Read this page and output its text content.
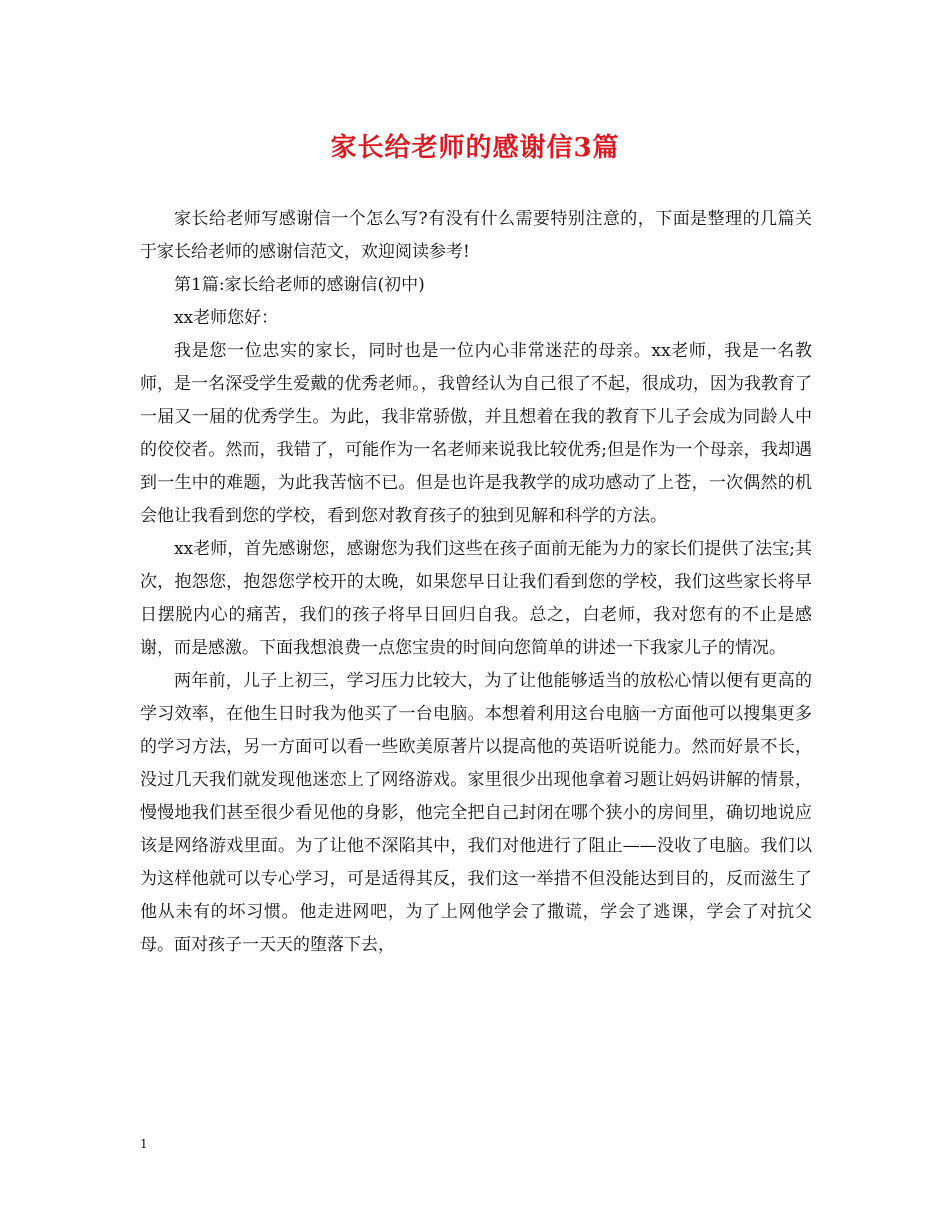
家长给老师的感谢信3篇

家长给老师写感谢信一个怎么写?有没有什么需要特别注意的，下面是整理的几篇关于家长给老师的感谢信范文，欢迎阅读参考!

第1篇:家长给老师的感谢信(初中)

xx老师您好：

我是您一位忠实的家长，同时也是一位内心非常迷茫的母亲。xx老师，我是一名教师，是一名深受学生爱戴的优秀老师。，我曾经认为自己很了不起，很成功，因为我教育了一届又一届的优秀学生。为此，我非常骄傲，并且想着在我的教育下儿子会成为同龄人中的佼佼者。然而，我错了，可能作为一名老师来说我比较优秀;但是作为一个母亲，我却遇到一生中的难题，为此我苦恼不已。但是也许是我教学的成功感动了上苍，一次偶然的机会他让我看到您的学校，看到您对教育孩子的独到见解和科学的方法。

xx老师，首先感谢您，感谢您为我们这些在孩子面前无能为力的家长们提供了法宝;其次，抱怨您，抱怨您学校开的太晚，如果您早日让我们看到您的学校，我们这些家长将早日摆脱内心的痛苦，我们的孩子将早日回归自我。总之，白老师，我对您有的不止是感谢，而是感激。下面我想浪费一点您宝贵的时间向您简单的讲述一下我家儿子的情况。

两年前，儿子上初三，学习压力比较大，为了让他能够适当的放松心情以便有更高的学习效率，在他生日时我为他买了一台电脑。本想着利用这台电脑一方面他可以搜集更多的学习方法，另一方面可以看一些欧美原著片以提高他的英语听说能力。然而好景不长，没过几天我们就发现他迷恋上了网络游戏。家里很少出现他拿着习题让妈妈讲解的情景，慢慢地我们甚至很少看见他的身影，他完全把自己封闭在哪个狭小的房间里，确切地说应该是网络游戏里面。为了让他不深陷其中，我们对他进行了阻止——没收了电脑。我们以为这样他就可以专心学习，可是适得其反，我们这一举措不但没能达到目的，反而滋生了他从未有的坏习惯。他走进网吧，为了上网他学会了撒谎，学会了逃课，学会了对抗父母。面对孩子一天天的堕落下去，

1
